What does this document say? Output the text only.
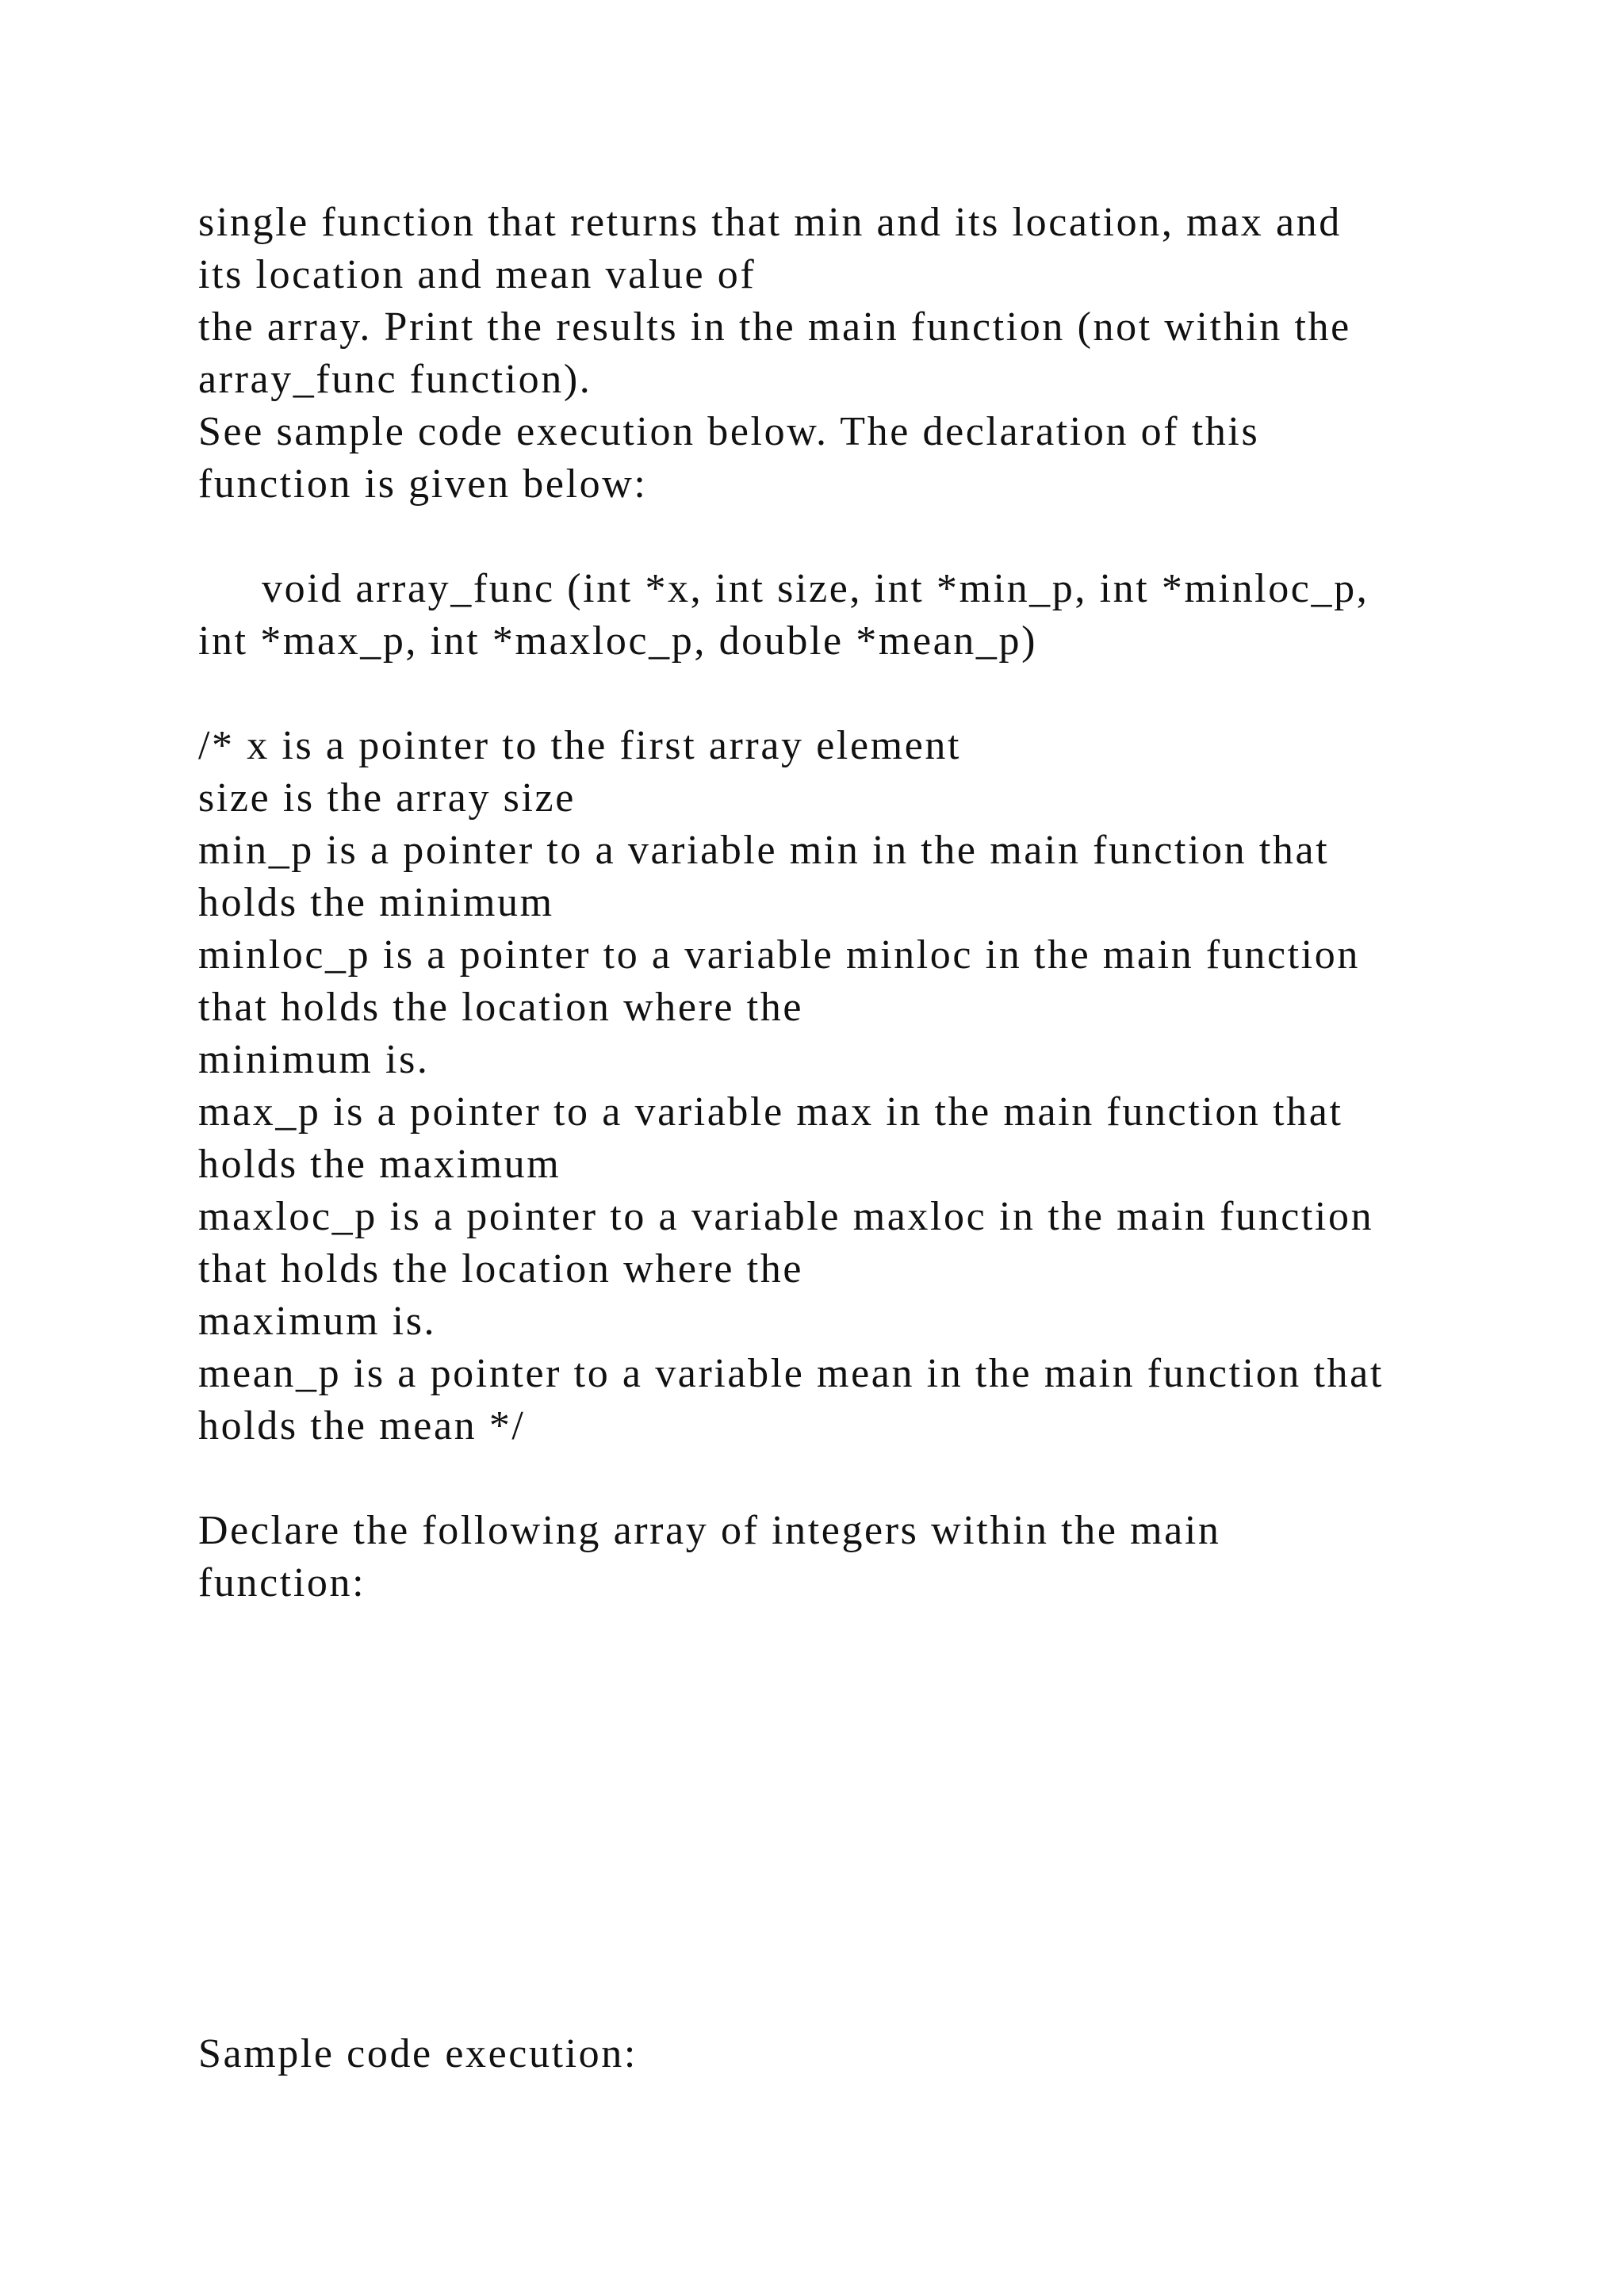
single function that returns that min and its location, max and
its location and mean value of
the array. Print the results in the main function (not within the
array_func function).
See sample code execution below. The declaration of this
function is given below:
void array_func (int *x, int size, int *min_p, int *minloc_p,
int *max_p, int *maxloc_p, double *mean_p)
/* x is a pointer to the first array element
size is the array size
min_p is a pointer to a variable min in the main function that
holds the minimum
minloc_p is a pointer to a variable minloc in the main function
that holds the location where the
minimum is.
max_p is a pointer to a variable max in the main function that
holds the maximum
maxloc_p is a pointer to a variable maxloc in the main function
that holds the location where the
maximum is.
mean_p is a pointer to a variable mean in the main function that
holds the mean */
Declare the following array of integers within the main
function:
Sample code execution:
